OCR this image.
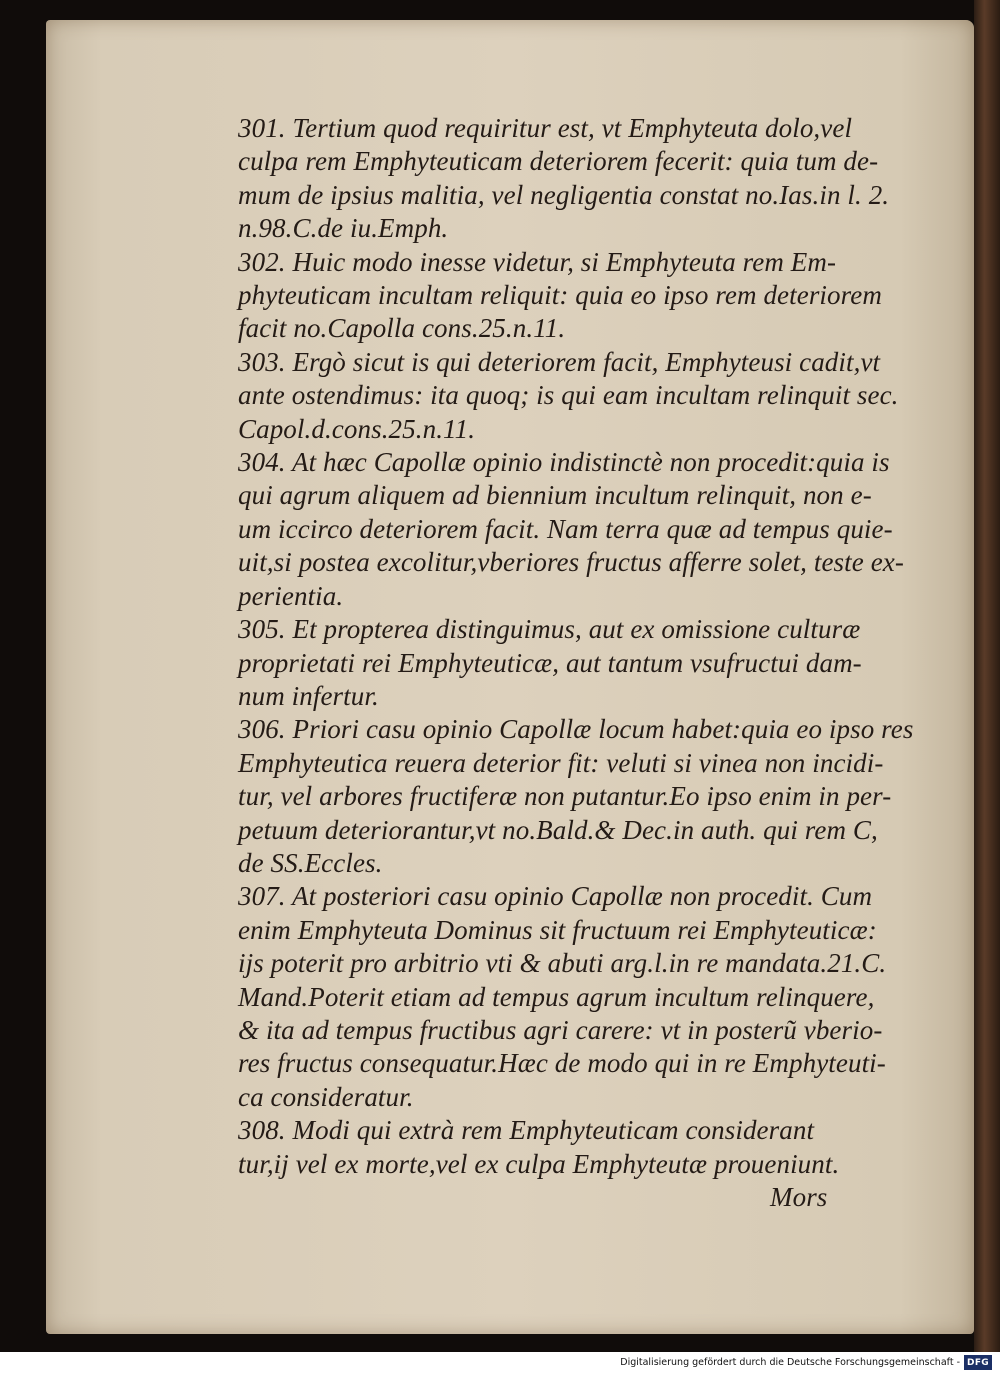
301. Tertium quod requiritur est, vt Emphyteuta dolo,vel
culpa rem Emphyteuticam deteriorem fecerit: quia tum de-
mum de ipsius malitia, vel negligentia constat no.Ias.in l. 2.
n.98.C.de iu.Emph.
302. Huic modo inesse videtur, si Emphyteuta rem Em-
phyteuticam incultam reliquit: quia eo ipso rem deteriorem
facit no.Capolla cons.25.n.11.
303. Ergò sicut is qui deteriorem facit, Emphyteusi cadit,vt
ante ostendimus: ita quoq; is qui eam incultam relinquit sec.
Capol.d.cons.25.n.11.
304. At hæc Capollæ opinio indistinctè non procedit:quia is
qui agrum aliquem ad biennium incultum relinquit, non e-
um iccirco deteriorem facit. Nam terra quæ ad tempus quie-
uit,si postea excolitur,vberiores fructus afferre solet, teste ex-
perientia.
305. Et propterea distinguimus, aut ex omissione culturæ
proprietati rei Emphyteuticæ, aut tantum vsufructui dam-
num infertur.
306. Priori casu opinio Capollæ locum habet:quia eo ipso res
Emphyteutica reuera deterior fit: veluti si vinea non incidi-
tur, vel arbores fructiferæ non putantur.Eo ipso enim in per-
petuum deteriorantur,vt no.Bald.& Dec.in auth. qui rem C,
de SS.Eccles.
307. At posteriori casu opinio Capollæ non procedit. Cum
enim Emphyteuta Dominus sit fructuum rei Emphyteuticæ:
ijs poterit pro arbitrio vti & abuti arg.l.in re mandata.21.C.
Mand.Poterit etiam ad tempus agrum incultum relinquere,
& ita ad tempus fructibus agri carere: vt in posterũ vberio-
res fructus consequatur.Hæc de modo qui in re Emphyteuti-
ca consideratur.
308. Modi qui extrà rem Emphyteuticam considerant
tur,ij vel ex morte,vel ex culpa Emphyteutæ proueniunt.
Mors
Digitalisierung gefördert durch die Deutsche Forschungsgemeinschaft - DFG
